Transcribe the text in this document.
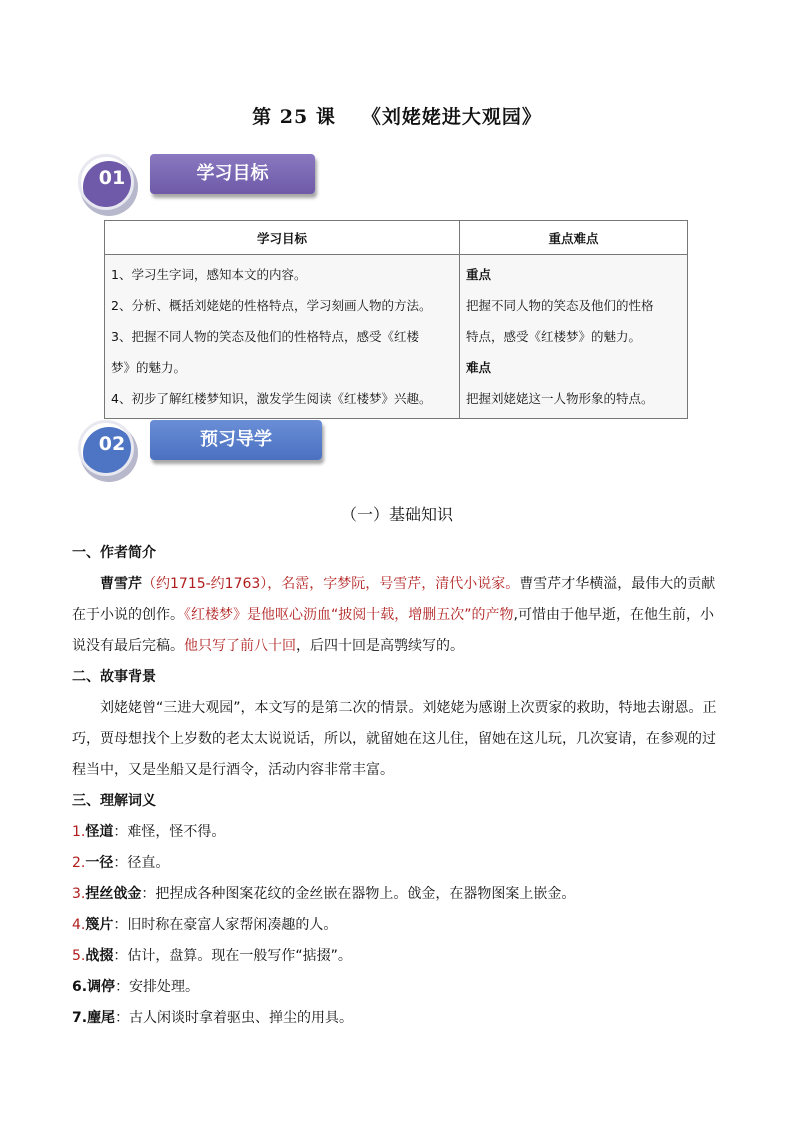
第 25 课 《刘姥姥进大观园》
01	学习目标
学习目标	重点难点

1、学习生字词，感知本文的内容。
2、分析、概括刘姥姥的性格特点，学习刻画人物的方法。
3、把握不同人物的笑态及他们的性格特点，感受《红楼
梦》的魅力。
4、初步了解红楼梦知识，激发学生阅读《红楼梦》兴趣。	重点
把握不同人物的笑态及他们的性格
特点，感受《红楼梦》的魅力。
难点
把握刘姥姥这一人物形象的特点。
02	预习导学
（一）基础知识

一、作者简介

曹雪芹（约1715-约1763），名霑，字梦阮，号雪芹，清代小说家。曹雪芹才华横溢，最伟大的贡献在于小说的创作。《红楼梦》是他呕心沥血“披阅十载，增删五次”的产物,可惜由于他早逝，在他生前，小说没有最后完稿。他只写了前八十回，后四十回是高鹗续写的。

二、故事背景

刘姥姥曾“三进大观园”，本文写的是第二次的情景。刘姥姥为感谢上次贾家的救助，特地去谢恩。正巧，贾母想找个上岁数的老太太说说话，所以，就留她在这儿住，留她在这儿玩，几次宴请，在参观的过程当中，又是坐船又是行酒令，活动内容非常丰富。

三、理解词义

1.怪道：难怪，怪不得。

2.一径：径直。

3.捏丝戗金：把捏成各种图案花纹的金丝嵌在器物上。戗金，在器物图案上嵌金。

4.篾片：旧时称在豪富人家帮闲凑趣的人。

5.战掇：估计，盘算。现在一般写作“掂掇”。

6.调停：安排处理。

7.麈尾：古人闲谈时拿着驱虫、掸尘的用具。
